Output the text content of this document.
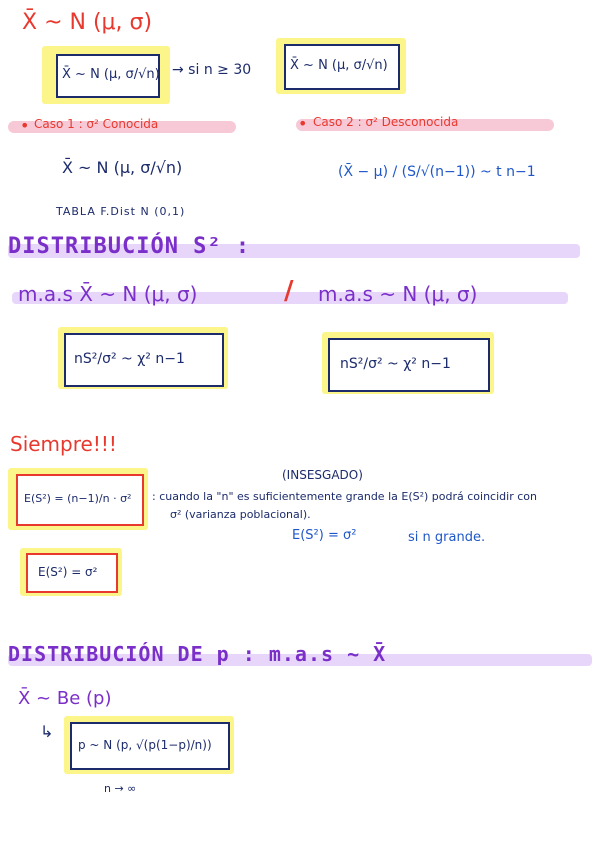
X̄ ~ N (μ, σ)
X̄ ~ N (μ, σ/√n) → si n ≥ 30	X̄ ~ N (μ, σ/√n)
Caso 1 : σ² Conocida
•	• Caso 2 : σ² Desconocida
X̄ ~ N (μ, σ/√n)
TABLA F.Dist N (0,1)
(X̄ − μ) / (S/√(n−1)) ~ t n−1
DISTRIBUCIÓN S² :
m.a.s X̄ ~ N (μ, σ)	/ m.a.s ~ N (μ, σ)
nS²/σ² ~ χ² n−1	nS²/σ² ~ χ² n−1
Siempre!!!
(INSESGADO)
E(S²) = (n−1)/n · σ² : cuando la "n" es suficientemente grande la E(S²) podrá coincidir con
σ² (varianza poblacional).
E(S²) = σ²	si n grande.
E(S²) = σ²
DISTRIBUCIÓN DE p : m.a.s ~ X̄
X̄ ~ Be (p)
↳
p ~ N (p, √(p(1−p)/n))
n → ∞
